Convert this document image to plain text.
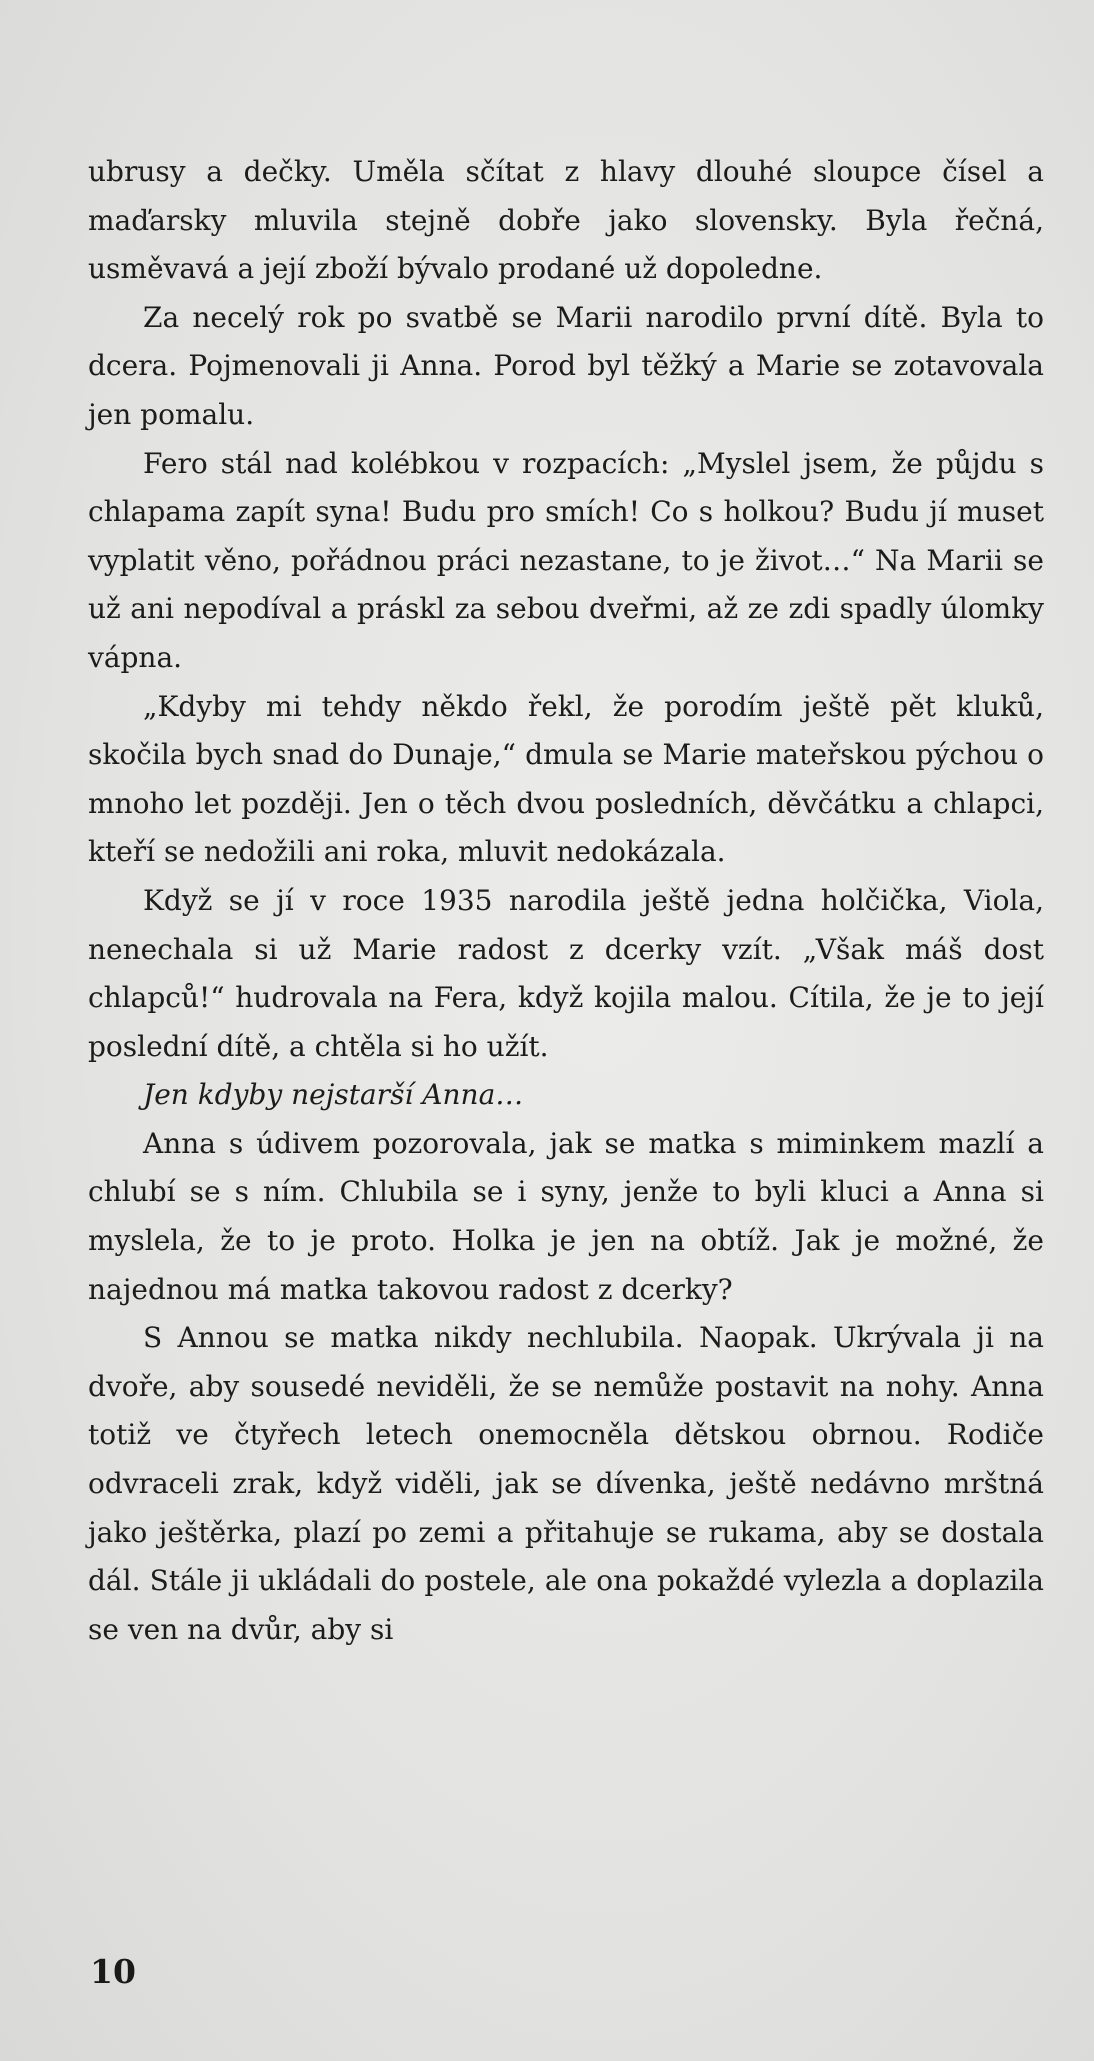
ubrusy a dečky. Uměla sčítat z hlavy dlouhé sloupce čísel a maďarsky mluvila stejně dobře jako slovensky. Byla řečná, usměvavá a její zboží bývalo prodané už dopoledne.

Za necelý rok po svatbě se Marii narodilo první dítě. Byla to dcera. Pojmenovali ji Anna. Porod byl těžký a Marie se zotavovala jen pomalu.

Fero stál nad kolébkou v rozpacích: „Myslel jsem, že půjdu s chlapama zapít syna! Budu pro smích! Co s holkou? Budu jí muset vyplatit věno, pořádnou práci nezastane, to je život…“ Na Marii se už ani nepodíval a práskl za sebou dveřmi, až ze zdi spadly úlomky vápna.

„Kdyby mi tehdy někdo řekl, že porodím ještě pět kluků, skočila bych snad do Dunaje,“ dmula se Marie mateřskou pýchou o mnoho let později. Jen o těch dvou posledních, děvčátku a chlapci, kteří se nedožili ani roka, mluvit nedokázala.

Když se jí v roce 1935 narodila ještě jedna holčička, Viola, nenechala si už Marie radost z dcerky vzít. „Však máš dost chlapců!“ hudrovala na Fera, když kojila malou. Cítila, že je to její poslední dítě, a chtěla si ho užít.

Jen kdyby nejstarší Anna…

Anna s údivem pozorovala, jak se matka s miminkem mazlí a chlubí se s ním. Chlubila se i syny, jenže to byli kluci a Anna si myslela, že to je proto. Holka je jen na obtíž. Jak je možné, že najednou má matka takovou radost z dcerky?

S Annou se matka nikdy nechlubila. Naopak. Ukrývala ji na dvoře, aby sousedé neviděli, že se nemůže postavit na nohy. Anna totiž ve čtyřech letech onemocněla dětskou obrnou. Rodiče odvraceli zrak, když viděli, jak se dívenka, ještě nedávno mrštná jako ještěrka, plazí po zemi a přitahuje se rukama, aby se dostala dál. Stále ji ukládali do postele, ale ona pokaždé vylezla a doplazila se ven na dvůr, aby si

10
